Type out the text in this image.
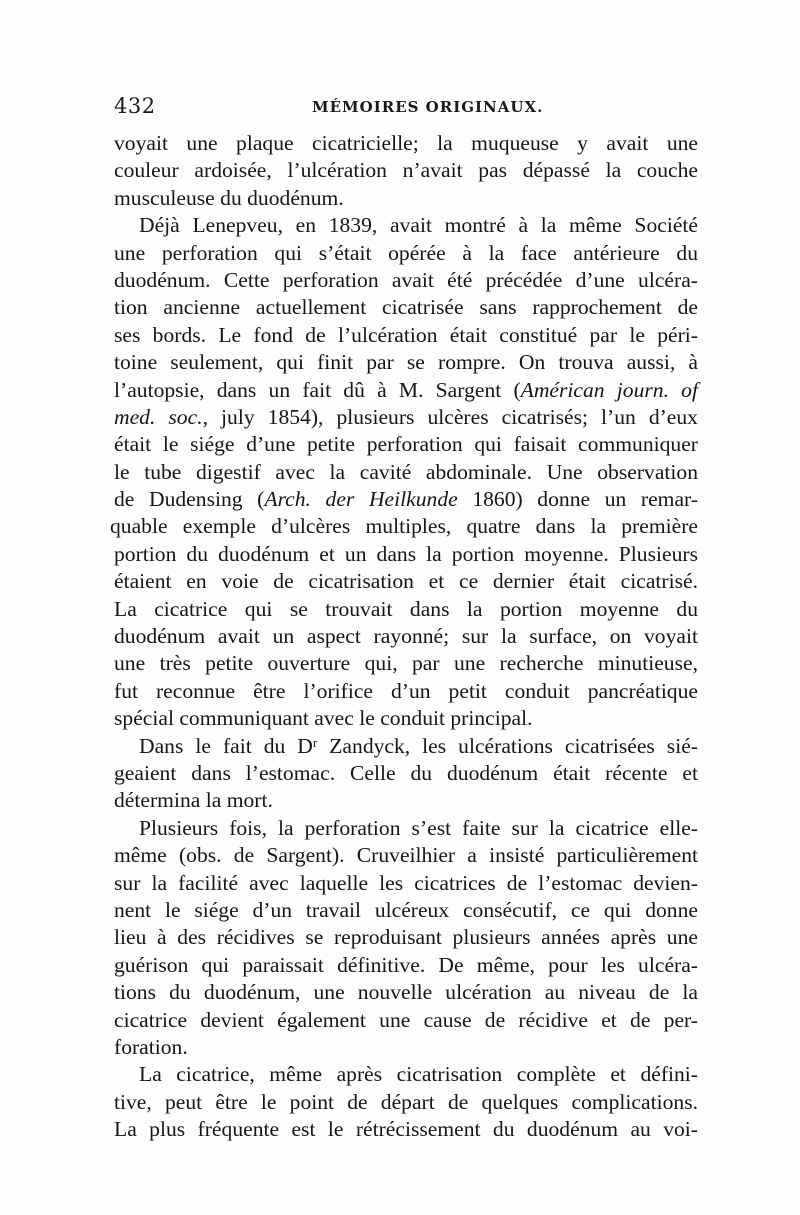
432	MÉMOIRES ORIGINAUX.
voyait une plaque cicatricielle; la muqueuse y avait une
couleur ardoisée, l’ulcération n’avait pas dépassé la couche
musculeuse du duodénum.
Déjà Lenepveu, en 1839, avait montré à la même Société
une perforation qui s’était opérée à la face antérieure du
duodénum. Cette perforation avait été précédée d’une ulcéra-
tion ancienne actuellement cicatrisée sans rapprochement de
ses bords. Le fond de l’ulcération était constitué par le péri-
toine seulement, qui finit par se rompre. On trouva aussi, à
l’autopsie, dans un fait dû à M. Sargent (Américan journ. of
med. soc., july 1854), plusieurs ulcères cicatrisés; l’un d’eux
était le siége d’une petite perforation qui faisait communiquer
le tube digestif avec la cavité abdominale. Une observation
de Dudensing (Arch. der Heilkunde 1860) donne un remar-
quable exemple d’ulcères multiples, quatre dans la première
portion du duodénum et un dans la portion moyenne. Plusieurs
étaient en voie de cicatrisation et ce dernier était cicatrisé.
La cicatrice qui se trouvait dans la portion moyenne du
duodénum avait un aspect rayonné; sur la surface, on voyait
une très petite ouverture qui, par une recherche minutieuse,
fut reconnue être l’orifice d’un petit conduit pancréatique
spécial communiquant avec le conduit principal.
Dans le fait du $D^r$ Zandyck, les ulcérations cicatrisées sié-
geaient dans l’estomac. Celle du duodénum était récente et
détermina la mort.
Plusieurs fois, la perforation s’est faite sur la cicatrice elle-
même (obs. de Sargent). Cruveilhier a insisté particulièrement
sur la facilité avec laquelle les cicatrices de l’estomac devien-
nent le siége d’un travail ulcéreux consécutif, ce qui donne
lieu à des récidives se reproduisant plusieurs années après une
guérison qui paraissait définitive. De même, pour les ulcéra-
tions du duodénum, une nouvelle ulcération au niveau de la
cicatrice devient également une cause de récidive et de per-
foration.
La cicatrice, même après cicatrisation complète et défini-
tive, peut être le point de départ de quelques complications.
La plus fréquente est le rétrécissement du duodénum au voi-
